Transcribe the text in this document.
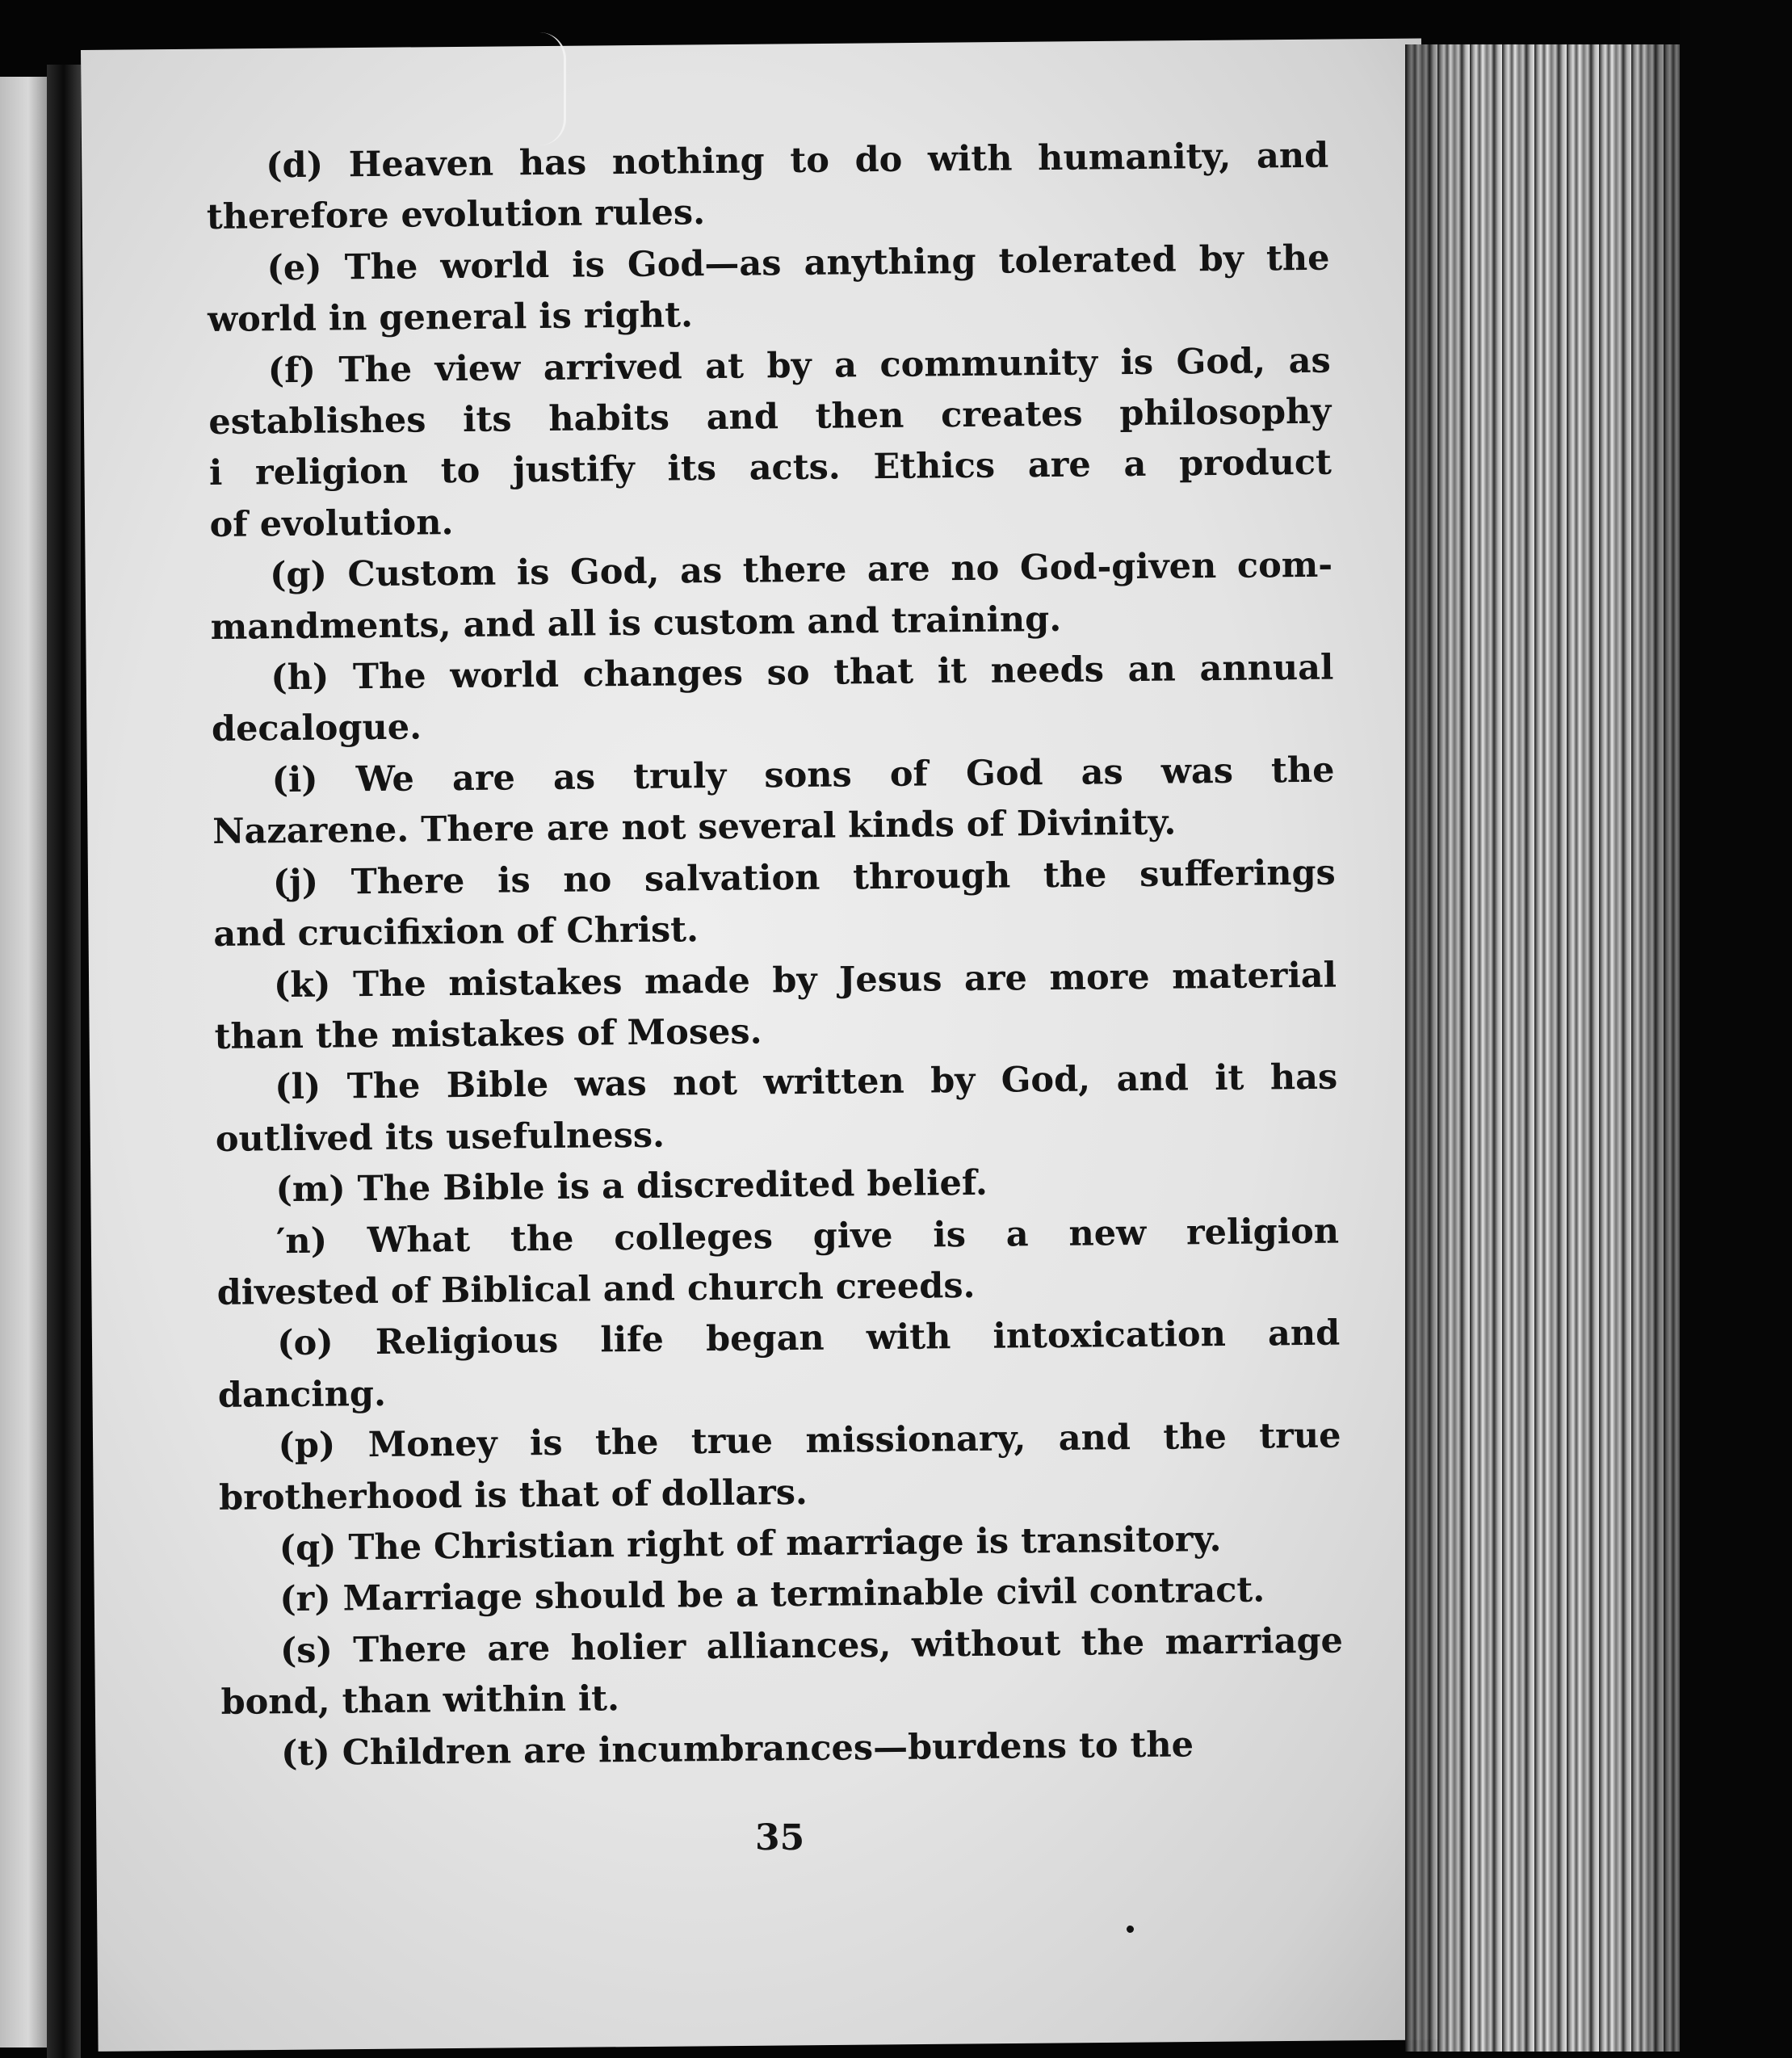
(d) Heaven has nothing to do with humanity, and
therefore evolution rules.
(e) The world is God—as anything tolerated by the
world in general is right.
(f) The view arrived at by a community is God, as
establishes its habits and then creates philosophy
i religion to justify its acts. Ethics are a product
of evolution.
(g) Custom is God, as there are no God-given com-
mandments, and all is custom and training.
(h) The world changes so that it needs an annual
decalogue.
(i) We are as truly sons of God as was the
Nazarene. There are not several kinds of Divinity.
(j) There is no salvation through the sufferings
and crucifixion of Christ.
(k) The mistakes made by Jesus are more material
than the mistakes of Moses.
(l) The Bible was not written by God, and it has
outlived its usefulness.
(m) The Bible is a discredited belief.
′n) What the colleges give is a new religion
divested of Biblical and church creeds.
(o) Religious life began with intoxication and
dancing.
(p) Money is the true missionary, and the true
brotherhood is that of dollars.
(q) The Christian right of marriage is transitory.
(r) Marriage should be a terminable civil contract.
(s) There are holier alliances, without the marriage
bond, than within it.
(t) Children are incumbrances—burdens to the
35
